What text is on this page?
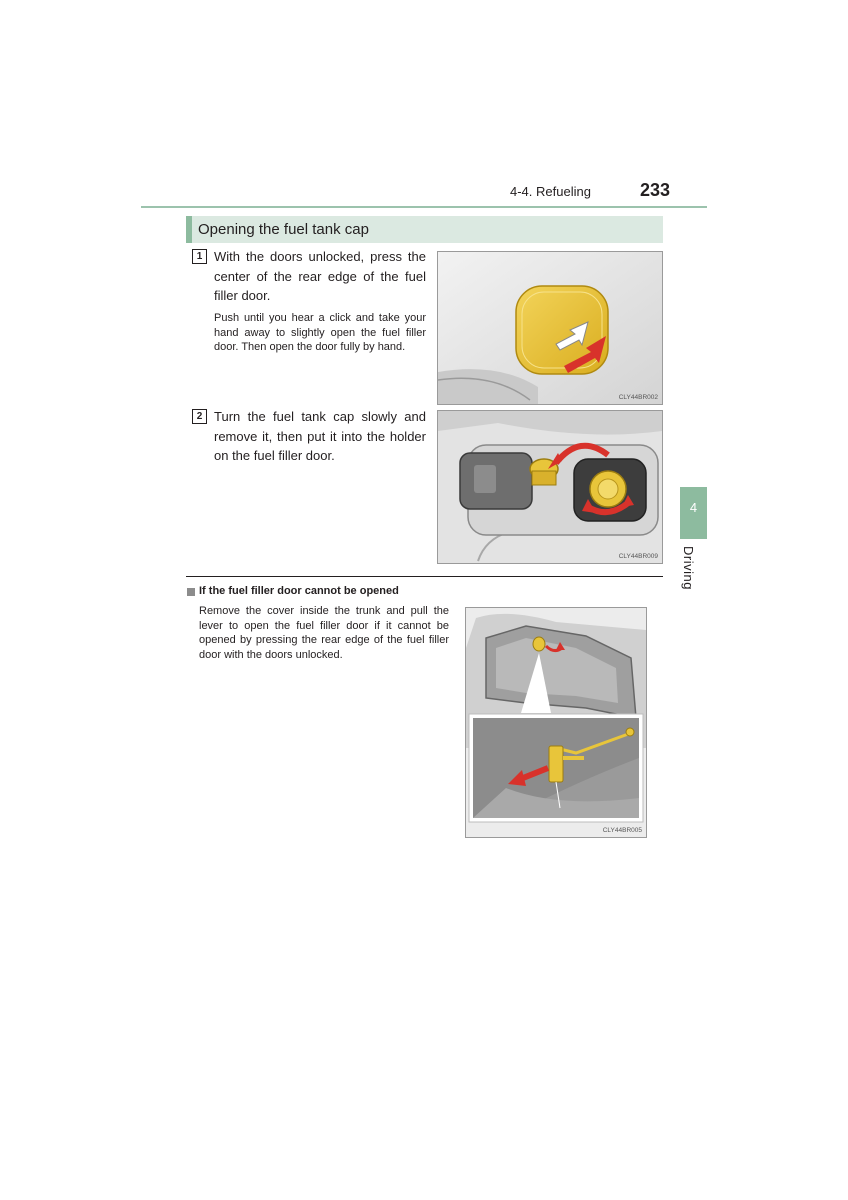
4-4. Refueling	233
4
Driving
Opening the fuel tank cap
1 With the doors unlocked, press the center of the rear edge of the fuel filler door.
Push until you hear a click and take your hand away to slightly open the fuel filler door. Then open the door fully by hand.
CLY44BR002
2 Turn the fuel tank cap slowly and remove it, then put it into the holder on the fuel filler door.
CLY44BR009
If the fuel filler door cannot be opened
Remove the cover inside the trunk and pull the lever to open the fuel filler door if it cannot be opened by pressing the rear edge of the fuel filler door with the doors unlocked.
CLY44BR005
